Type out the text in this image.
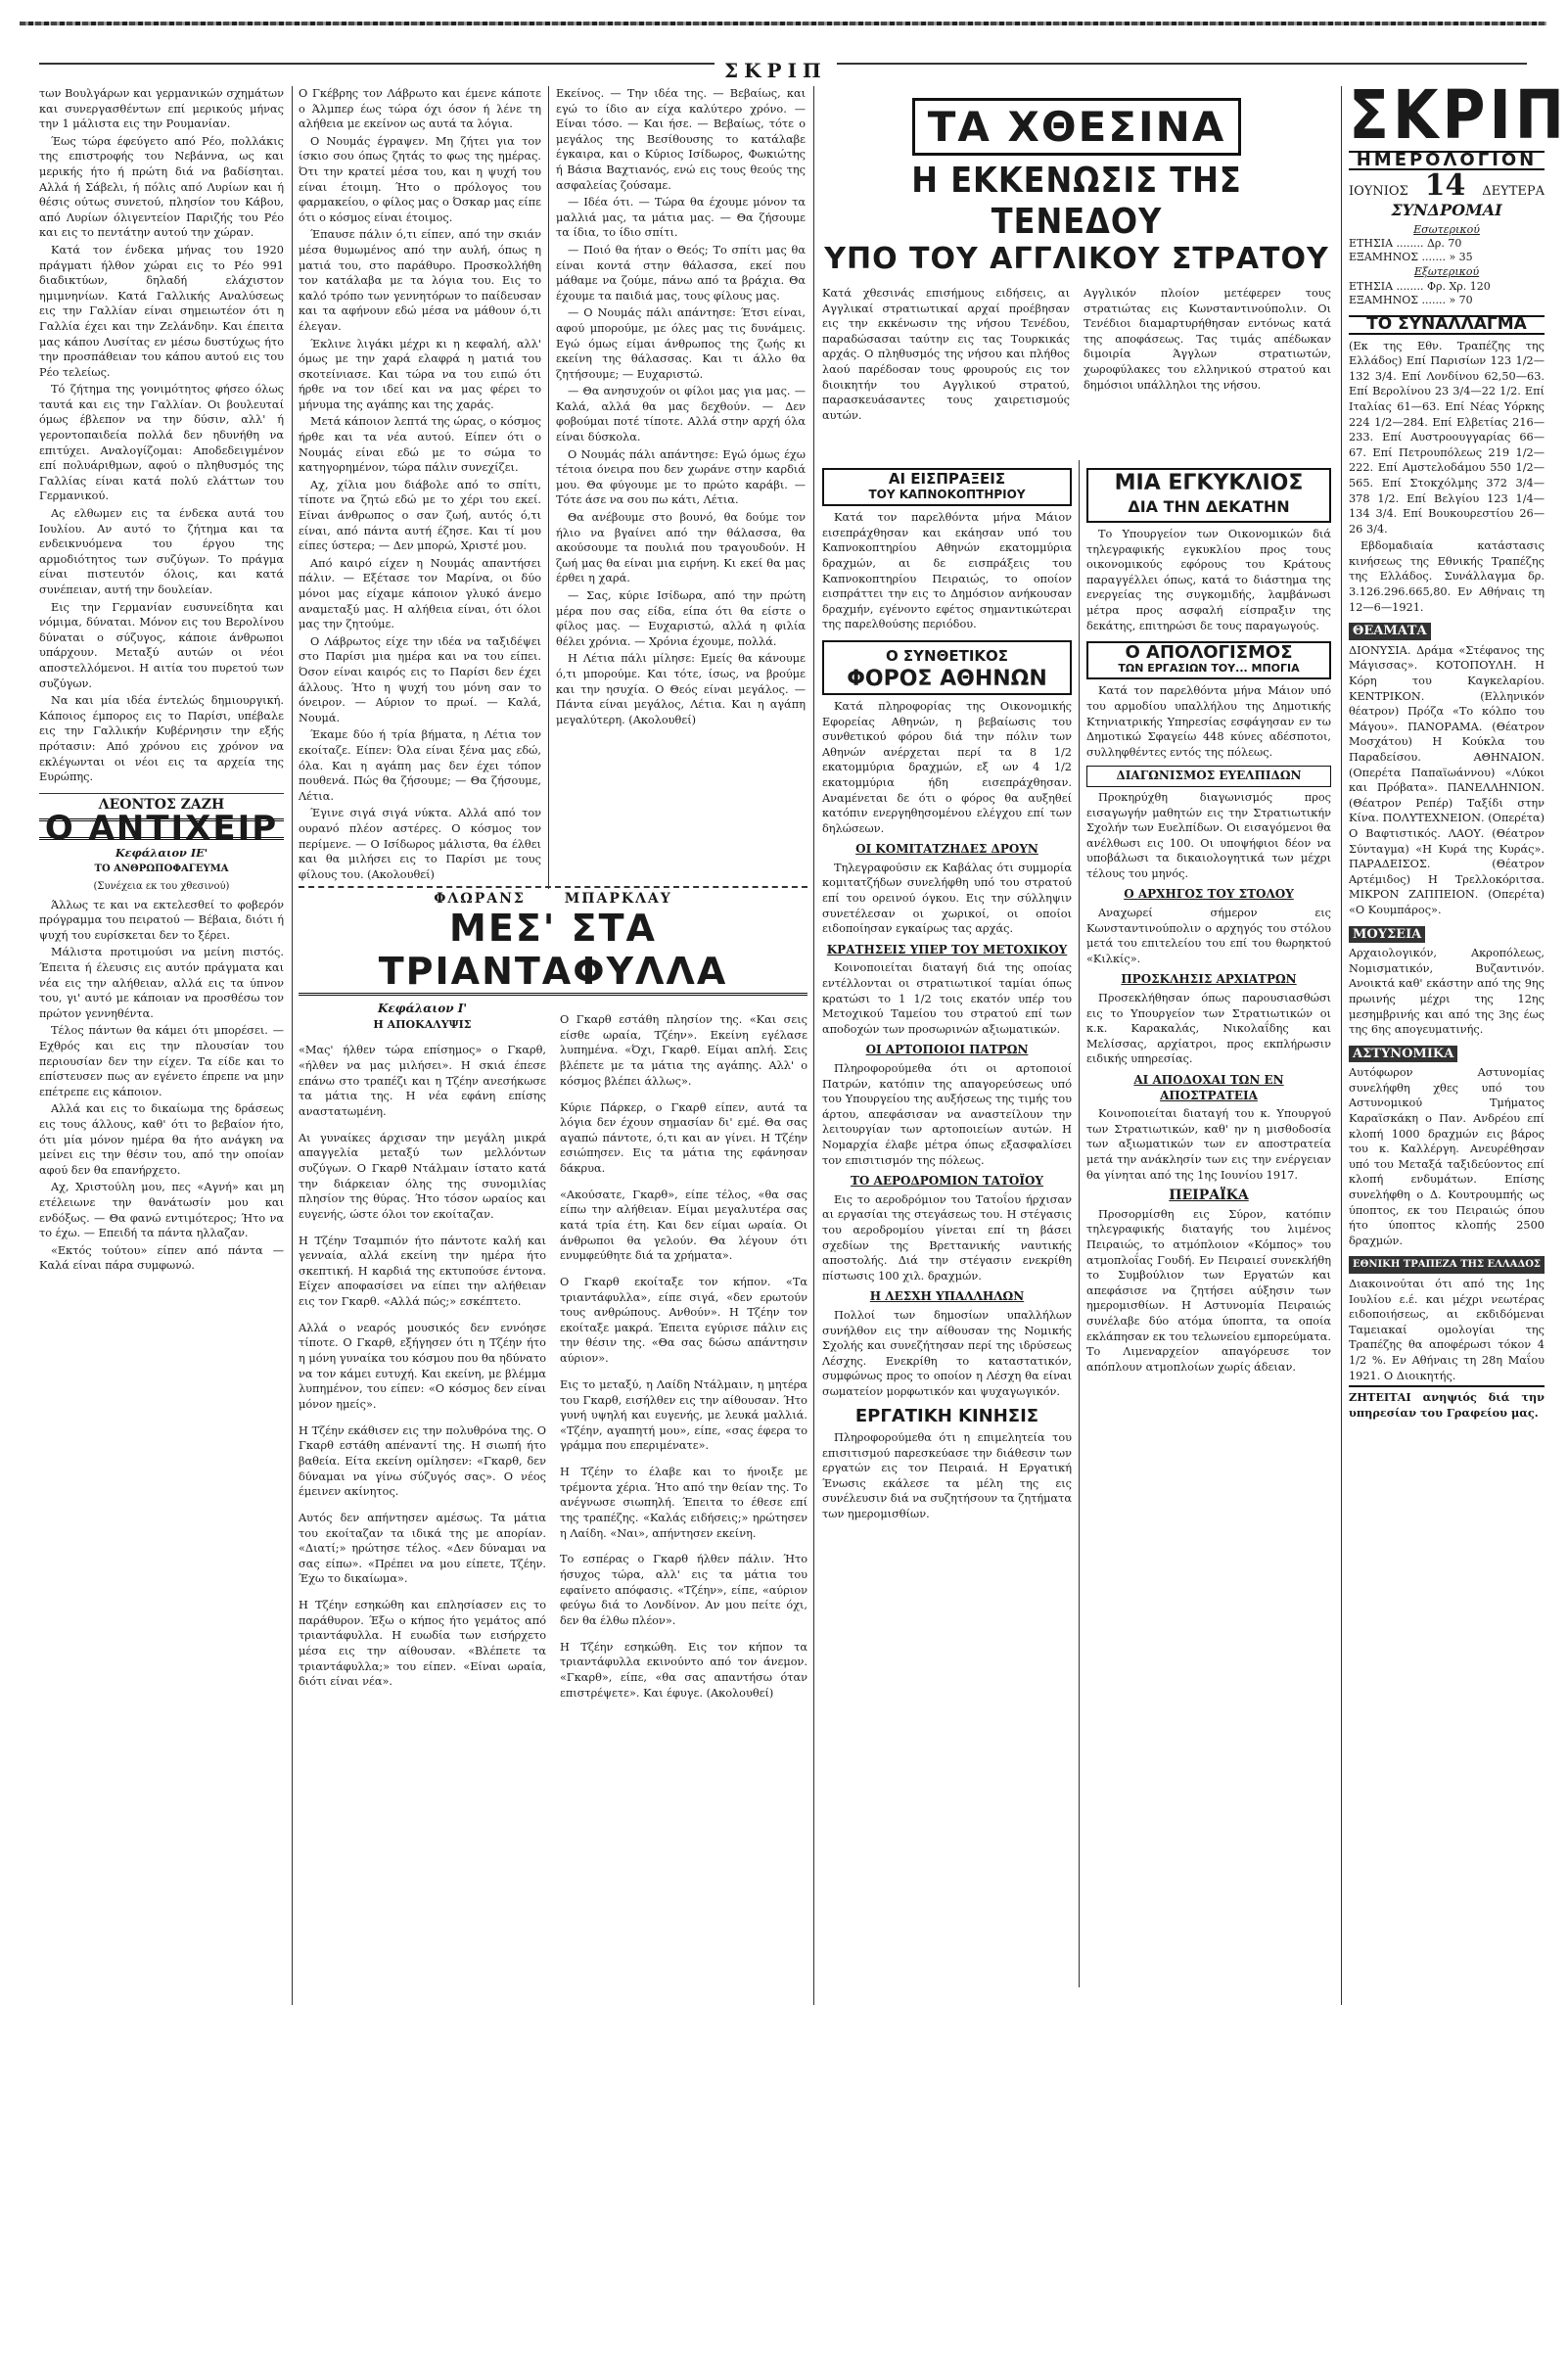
ΣΚΡΙΠ

των Βουλγάρων και γερμανικών σχημάτων και συνεργασθέντων επί μερικούς μήνας την 1 μάλιστα εις την Ρουμανίαν.

Έως τώρα έφεύγετο από Ρέο, πολλάκις της επιστροφής του Νεβάννα, ως και μερικής ήτο ή πρώτη διά να βαδίσηται. Αλλά ή Σάβελι, ή πόλις από Λυρίων και ή θέσις ούτως συνετού, πλησίον του Κάβου, από Λυρίων όλιγεντείον Παριζής του Ρέο και εις το πεντάτην αυτού την χώραν.

Κατά τον ένδεκα μήνας του 1920 πράγματι ήλθον χώραι εις το Ρέο 991 διαδικτύων, δηλαδή ελάχιστον ημιμνηνίων. Κατά Γαλλικής Αναλύσεως εις την Γαλλίαν είναι σημειωτέον ότι η Γαλλία έχει και την Ζελάνδην. Και έπειτα μας κάπου Λυσίτας εν μέσω δυστύχως ήτο την προσπάθειαν του κάπου αυτού εις του Ρέο τελείως.

Τό ζήτημα της γονιμότητος φήσεο όλως ταυτά και εις την Γαλλίαν. Οι βουλευταί όμως έβλεπον να την δύσιν, αλλ' ή γεροντοπαιδεία πολλά δεν ηδυνήθη να επιτύχει. Αναλογίζομαι: Αποδεδειγμένον επί πολυάριθμων, αφού ο πληθυσμός της Γαλλίας είναι κατά πολύ ελάττων του Γερμανικού.

Ας ελθωμεν εις τα ένδεκα αυτά του Ιουλίου. Αν αυτό το ζήτημα και τα ενδεικνυόμενα του έργου της αρμοδιότητος των συζύγων. Το πράγμα είναι πιστευτόν όλοις, και κατά συνέπειαν, αυτή την δουλείαν.

Εις την Γερμανίαν ευσυνείδητα και νόμιμα, δύναται. Μόνον εις του Βερολίνου δύναται ο σύζυγος, κάποιε άνθρωποι υπάρχουν. Μεταξύ αυτών οι νέοι αποστελλόμενοι. Η αιτία του πυρετού των συζύγων.

Να και μία ιδέα έντελώς δημιουργική. Κάποιος έμπορος εις το Παρίσι, υπέβαλε εις την Γαλλικήν Κυβέρνησιν την εξής πρότασιν: Από χρόνου εις χρόνον να εκλέγωνται οι νέοι εις τα αρχεία της Ευρώπης.

ΛΕΟΝΤΟΣ ΖΑΖΗ
Ο ΑΝΤΙΧΕΙΡ
Κεφάλαιον ΙΕ'
ΤΟ ΑΝΘΡΩΠΟΦΑΓΕΥΜΑ
(Συνέχεια εκ του χθεσινού)

Άλλως τε και να εκτελεσθεί το φοβερόν πρόγραμμα του πειρατού — Βέβαια, διότι ή ψυχή του ευρίσκεται δεν το ξέρει.

Μάλιστα προτιμούσι να μείνη πιστός. Έπειτα ή έλευσις εις αυτόν πράγματα και νέα εις την αλήθειαν, αλλά εις τα ύπνον του, γι' αυτό με κάποιαν να προσθέσω τον πρώτον γεννηθέντα.

Τέλος πάντων θα κάμει ότι μπορέσει. — Εχθρός και εις την πλουσίαν του περιουσίαν δεν την είχεν. Τα είδε και το επίστευσεν πως αν εγένετο έπρεπε να μην επέτρεπε εις κάποιον.

Αλλά και εις το δικαίωμα της δράσεως εις τους άλλους, καθ' ότι το βεβαίον ήτο, ότι μία μόνον ημέρα θα ήτο ανάγκη να μείνει εις την θέσιν του, από την οποίαν αφού δεν θα επανήρχετο.

Αχ, Χριστούλη μου, πες «Αγνή» και μη ετέλειωνε την θανάτωσίν μου και ενδόξως. — Θα φανώ εντιμότερος; Ήτο να το έχω. — Επειδή τα πάντα ηλλαζαν.

«Εκτός τούτου» είπεν από πάντα — Καλά είναι πάρα συμφωνώ.

Ο Γκέβρης τον Λάβρωτο και έμενε κάποτε ο Άλμπερ έως τώρα όχι όσον ή λένε τη αλήθεια με εκείνον ως αυτά τα λόγια.

Ο Νουμάς έγραψεν. Μη ζήτει για τον ίσκιο σου όπως ζητάς το φως της ημέρας. Ότι την κρατεί μέσα του, και η ψυχή του είναι έτοιμη. Ήτο ο πρόλογος του φαρμακείου, ο φίλος μας ο Όσκαρ μας είπε ότι ο κόσμος είναι έτοιμος.

Έπαυσε πάλιν ό,τι είπεν, από την σκιάν μέσα θυμωμένος από την αυλή, όπως η ματιά του, στο παράθυρο. Προσκολλήθη τον κατάλαβα με τα λόγια του. Εις το καλό τρόπο των γεννητόρων το παίδευσαν και τα αφήνουν εδώ μέσα να μάθουν ό,τι έλεγαν.

Έκλινε λιγάκι μέχρι κι η κεφαλή, αλλ' όμως με την χαρά ελαφρά η ματιά του σκοτείνιασε. Και τώρα να του ειπώ ότι ήρθε να τον ιδεί και να μας φέρει το μήνυμα της αγάπης και της χαράς.

Μετά κάποιον λεπτά της ώρας, ο κόσμος ήρθε και τα νέα αυτού. Είπεν ότι ο Νουμάς είναι εδώ με το σώμα το κατηγορημένον, τώρα πάλιν συνεχίζει.

Αχ, χίλια μου διάβολε από το σπίτι, τίποτε να ζητώ εδώ με το χέρι του εκεί. Είναι άνθρωπος ο σαν ζωή, αυτός ό,τι είναι, από πάντα αυτή έζησε. Και τί μου είπες ύστερα; — Δεν μπορώ, Χριστέ μου.

Από καιρό είχεν η Νουμάς απαντήσει πάλιν. — Εξέτασε τον Μαρίνα, οι δύο μόνοι μας είχαμε κάποιον γλυκό άνεμο αναμεταξύ μας. Η αλήθεια είναι, ότι όλοι μας την ζητούμε.

Ο Λάβρωτος είχε την ιδέα να ταξιδέψει στο Παρίσι μια ημέρα και να του είπει. Όσον είναι καιρός εις το Παρίσι δεν έχει άλλους. Ήτο η ψυχή του μόνη σαν το όνειρον. — Αύριον το πρωί. — Καλά, Νουμά.

Έκαμε δύο ή τρία βήματα, η Λέτια τον εκοίταζε. Είπεν: Όλα είναι ξένα μας εδώ, όλα. Και η αγάπη μας δεν έχει τόπον πουθενά. Πώς θα ζήσουμε; — Θα ζήσουμε, Λέτια.

Έγινε σιγά σιγά νύκτα. Αλλά από τον ουρανό πλέον αστέρες. Ο κόσμος τον περίμενε. — Ο Ισίδωρος μάλιστα, θα έλθει και θα μιλήσει εις το Παρίσι με τους φίλους του. (Ακολουθεί)

Εκείνος. — Την ιδέα της. — Βεβαίως, και εγώ το ίδιο αν είχα καλύτερο χρόνο. — Είναι τόσο. — Και ήσε. — Βεβαίως, τότε ο μεγάλος της Βεσίθουσης το κατάλαβε έγκαιρα, και ο Κύριος Ισίδωρος, Φωκιώτης ή Βάσια Βαχτιανός, ενώ εις τους θεούς της ασφαλείας ζούσαμε.

— Ιδέα ότι. — Τώρα θα έχουμε μόνον τα μαλλιά μας, τα μάτια μας. — Θα ζήσουμε τα ίδια, το ίδιο σπίτι.

— Ποιό θα ήταν ο Θεός; Το σπίτι μας θα είναι κοντά στην θάλασσα, εκεί που μάθαμε να ζούμε, πάνω από τα βράχια. Θα έχουμε τα παιδιά μας, τους φίλους μας.

— Ο Νουμάς πάλι απάντησε: Έτσι είναι, αφού μπορούμε, με όλες μας τις δυνάμεις. Εγώ όμως είμαι άνθρωπος της ζωής κι εκείνη της θάλασσας. Και τι άλλο θα ζητήσουμε; — Ευχαριστώ.

— Θα ανησυχούν οι φίλοι μας για μας. — Καλά, αλλά θα μας δεχθούν. — Δεν φοβούμαι ποτέ τίποτε. Αλλά στην αρχή όλα είναι δύσκολα.

Ο Νουμάς πάλι απάντησε: Εγώ όμως έχω τέτοια όνειρα που δεν χωράνε στην καρδιά μου. Θα φύγουμε με το πρώτο καράβι. — Τότε άσε να σου πω κάτι, Λέτια.

Θα ανέβουμε στο βουνό, θα δούμε τον ήλιο να βγαίνει από την θάλασσα, θα ακούσουμε τα πουλιά που τραγουδούν. Η ζωή μας θα είναι μια ειρήνη. Κι εκεί θα μας έρθει η χαρά.

— Σας, κύριε Ισίδωρα, από την πρώτη μέρα που σας είδα, είπα ότι θα είστε ο φίλος μας. — Ευχαριστώ, αλλά η φιλία θέλει χρόνια. — Χρόνια έχουμε, πολλά.

Η Λέτια πάλι μίλησε: Εμείς θα κάνουμε ό,τι μπορούμε. Και τότε, ίσως, να βρούμε και την ησυχία. Ο Θεός είναι μεγάλος. — Πάντα είναι μεγάλος, Λέτια. Και η αγάπη μεγαλύτερη. (Ακολουθεί)

ΦΛΩΡΑΝΣ	ΜΠΑΡΚΛΑΥ
ΜΕΣ' ΣΤΑ ΤΡΙΑΝΤΑΦΥΛΛΑ
Κεφάλαιον Ι'
Η ΑΠΟΚΑΛΥΨΙΣ

«Μας' ήλθεν τώρα επίσημος» ο Γκαρθ, «ήλθεν να μας μιλήσει». Η σκιά έπεσε επάνω στο τραπέζι και η Τζέην ανεσήκωσε τα μάτια της. Η νέα εφάνη επίσης αναστατωμένη.

Αι γυναίκες άρχισαν την μεγάλη μικρά απαγγελία μεταξύ των μελλόντων συζύγων. Ο Γκαρθ Ντάλμαιν ίστατο κατά την διάρκειαν όλης της συνομιλίας πλησίον της θύρας. Ήτο τόσον ωραίος και ευγενής, ώστε όλοι τον εκοίταζαν.

Η Τζέην Τσαμπιόν ήτο πάντοτε καλή και γενναία, αλλά εκείνη την ημέρα ήτο σκεπτική. Η καρδιά της εκτυπούσε έντονα. Είχεν αποφασίσει να είπει την αλήθειαν εις τον Γκαρθ. «Αλλά πώς;» εσκέπτετο.

Αλλά ο νεαρός μουσικός δεν εννόησε τίποτε. Ο Γκαρθ, εξήγησεν ότι η Τζέην ήτο η μόνη γυναίκα του κόσμου που θα ηδύνατο να τον κάμει ευτυχή. Και εκείνη, με βλέμμα λυπημένον, του είπεν: «Ο κόσμος δεν είναι μόνον ημείς».

Η Τζέην εκάθισεν εις την πολυθρόνα της. Ο Γκαρθ εστάθη απέναντί της. Η σιωπή ήτο βαθεία. Είτα εκείνη ομίλησεν: «Γκαρθ, δεν δύναμαι να γίνω σύζυγός σας». Ο νέος έμεινεν ακίνητος.

Αυτός δεν απήντησεν αμέσως. Τα μάτια του εκοίταζαν τα ιδικά της με απορίαν. «Διατί;» ηρώτησε τέλος. «Δεν δύναμαι να σας είπω». «Πρέπει να μου είπετε, Τζέην. Έχω το δικαίωμα».

Η Τζέην εσηκώθη και επλησίασεν εις το παράθυρον. Έξω ο κήπος ήτο γεμάτος από τριαντάφυλλα. Η ευωδία των εισήρχετο μέσα εις την αίθουσαν. «Βλέπετε τα τριαντάφυλλα;» του είπεν. «Είναι ωραία, διότι είναι νέα».

Ο Γκαρθ εστάθη πλησίον της. «Και σεις είσθε ωραία, Τζέην». Εκείνη εγέλασε λυπημένα. «Όχι, Γκαρθ. Είμαι απλή. Σεις βλέπετε με τα μάτια της αγάπης. Αλλ' ο κόσμος βλέπει άλλως».

Κύριε Πάρκερ, ο Γκαρθ είπεν, αυτά τα λόγια δεν έχουν σημασίαν δι' εμέ. Θα σας αγαπώ πάντοτε, ό,τι και αν γίνει. Η Τζέην εσιώπησεν. Εις τα μάτια της εφάνησαν δάκρυα.

«Ακούσατε, Γκαρθ», είπε τέλος, «θα σας είπω την αλήθειαν. Είμαι μεγαλυτέρα σας κατά τρία έτη. Και δεν είμαι ωραία. Οι άνθρωποι θα γελούν. Θα λέγουν ότι ενυμφεύθητε διά τα χρήματα».

Ο Γκαρθ εκοίταξε τον κήπον. «Τα τριαντάφυλλα», είπε σιγά, «δεν ερωτούν τους ανθρώπους. Ανθούν». Η Τζέην τον εκοίταξε μακρά. Έπειτα εγύρισε πάλιν εις την θέσιν της. «Θα σας δώσω απάντησιν αύριον».

Εις το μεταξύ, η Λαίδη Ντάλμαιν, η μητέρα του Γκαρθ, εισήλθεν εις την αίθουσαν. Ήτο γυνή υψηλή και ευγενής, με λευκά μαλλιά. «Τζέην, αγαπητή μου», είπε, «σας έφερα το γράμμα που επεριμένατε».

Η Τζέην το έλαβε και το ήνοιξε με τρέμοντα χέρια. Ήτο από την θείαν της. Το ανέγνωσε σιωπηλή. Έπειτα το έθεσε επί της τραπέζης. «Καλάς ειδήσεις;» ηρώτησεν η Λαίδη. «Ναι», απήντησεν εκείνη.

Το εσπέρας ο Γκαρθ ήλθεν πάλιν. Ήτο ήσυχος τώρα, αλλ' εις τα μάτια του εφαίνετο απόφασις. «Τζέην», είπε, «αύριον φεύγω διά το Λονδίνον. Αν μου πείτε όχι, δεν θα έλθω πλέον».

Η Τζέην εσηκώθη. Εις τον κήπον τα τριαντάφυλλα εκινούντο από τον άνεμον. «Γκαρθ», είπε, «θα σας απαντήσω όταν επιστρέψετε». Και έφυγε. (Ακολουθεί)

ΤΑ ΧΘΕΣΙΝΑ
Η ΕΚΚΕΝΩΣΙΣ ΤΗΣ ΤΕΝΕΔΟΥ
ΥΠΟ ΤΟΥ ΑΓΓΛΙΚΟΥ ΣΤΡΑΤΟΥ
Κατά χθεσινάς επισήμους ειδήσεις, αι Αγγλικαί στρατιωτικαί αρχαί προέβησαν εις την εκκένωσιν της νήσου Τενέδου, παραδώσασαι ταύτην εις τας Τουρκικάς αρχάς. Ο πληθυσμός της νήσου και πλήθος λαού παρέδοσαν τους φρουρούς εις τον διοικητήν του Αγγλικού στρατού, παρασκευάσαντες τους χαιρετισμούς αυτών.
Αγγλικόν πλοίον μετέφερεν τους στρατιώτας εις Κωνσταντινούπολιν. Οι Τενέδιοι διαμαρτυρήθησαν εντόνως κατά της αποφάσεως. Τας τιμάς απέδωκαν διμοιρία Άγγλων στρατιωτών, χωροφύλακες του ελληνικού στρατού και δημόσιοι υπάλληλοι της νήσου.
ΑΙ ΕΙΣΠΡΑΞΕΙΣ
ΤΟΥ ΚΑΠΝΟΚΟΠΤΗΡΙΟΥ

Κατά τον παρελθόντα μήνα Μάιον εισεπράχθησαν και εκάησαν υπό του Καπνοκοπτηρίου Αθηνών εκατομμύρια δραχμών, αι δε εισπράξεις του Καπνοκοπτηρίου Πειραιώς, το οποίον εισπράττει την εις το Δημόσιον ανήκουσαν δραχμήν, εγένοντο εφέτος σημαντικώτεραι της παρελθούσης περιόδου.

Ο ΣΥΝΘΕΤΙΚΟΣ
ΦΟΡΟΣ ΑΘΗΝΩΝ

Κατά πληροφορίας της Οικονομικής Εφορείας Αθηνών, η βεβαίωσις του συνθετικού φόρου διά την πόλιν των Αθηνών ανέρχεται περί τα 8 1/2 εκατομμύρια δραχμών, εξ ων 4 1/2 εκατομμύρια ήδη εισεπράχθησαν. Αναμένεται δε ότι ο φόρος θα αυξηθεί κατόπιν ενεργηθησομένου ελέγχου επί των δηλώσεων.

ΟΙ ΚΟΜΙΤΑΤΖΗΔΕΣ ΔΡΟΥΝ

Τηλεγραφούσιν εκ Καβάλας ότι συμμορία κομιτατζήδων συνελήφθη υπό του στρατού επί του ορεινού όγκου. Εις την σύλληψιν συνετέλεσαν οι χωρικοί, οι οποίοι ειδοποίησαν εγκαίρως τας αρχάς.

ΚΡΑΤΗΣΕΙΣ ΥΠΕΡ ΤΟΥ ΜΕΤΟΧΙΚΟΥ

Κοινοποιείται διαταγή διά της οποίας εντέλλονται οι στρατιωτικοί ταμίαι όπως κρατώσι το 1 1/2 τοις εκατόν υπέρ του Μετοχικού Ταμείου του στρατού επί των αποδοχών των προσωρινών αξιωματικών.

ΟΙ ΑΡΤΟΠΟΙΟΙ ΠΑΤΡΩΝ

Πληροφορούμεθα ότι οι αρτοποιοί Πατρών, κατόπιν της απαγορεύσεως υπό του Υπουργείου της αυξήσεως της τιμής του άρτου, απεφάσισαν να αναστείλουν την λειτουργίαν των αρτοποιείων αυτών. Η Νομαρχία έλαβε μέτρα όπως εξασφαλίσει τον επισιτισμόν της πόλεως.

ΤΟ ΑΕΡΟΔΡΟΜΙΟΝ ΤΑΤΟΪΟΥ

Εις το αεροδρόμιον του Τατοΐου ήρχισαν αι εργασίαι της στεγάσεως του. Η στέγασις του αεροδρομίου γίνεται επί τη βάσει σχεδίων της Βρεττανικής ναυτικής αποστολής. Διά την στέγασιν ενεκρίθη πίστωσις 100 χιλ. δραχμών.

Η ΛΕΣΧΗ ΥΠΑΛΛΗΛΩΝ

Πολλοί των δημοσίων υπαλλήλων συνήλθον εις την αίθουσαν της Νομικής Σχολής και συνεζήτησαν περί της ιδρύσεως Λέσχης. Ενεκρίθη το καταστατικόν, συμφώνως προς το οποίον η Λέσχη θα είναι σωματείον μορφωτικόν και ψυχαγωγικόν.

ΕΡΓΑΤΙΚΗ ΚΙΝΗΣΙΣ

Πληροφορούμεθα ότι η επιμελητεία του επισιτισμού παρεσκεύασε την διάθεσιν των εργατών εις τον Πειραιά. Η Εργατική Ένωσις εκάλεσε τα μέλη της εις συνέλευσιν διά να συζητήσουν τα ζητήματα των ημερομισθίων.

ΜΙΑ ΕΓΚΥΚΛΙΟΣ
ΔΙΑ ΤΗΝ ΔΕΚΑΤΗΝ

Το Υπουργείον των Οικονομικών διά τηλεγραφικής εγκυκλίου προς τους οικονομικούς εφόρους του Κράτους παραγγέλλει όπως, κατά το διάστημα της ενεργείας της συγκομιδής, λαμβάνωσι μέτρα προς ασφαλή είσπραξιν της δεκάτης, επιτηρώσι δε τους παραγωγούς.

Ο ΑΠΟΛΟΓΙΣΜΟΣ
ΤΩΝ ΕΡΓΑΣΙΩΝ ΤΟΥ... ΜΠΟΓΙΑ

Κατά τον παρελθόντα μήνα Μάιον υπό του αρμοδίου υπαλλήλου της Δημοτικής Κτηνιατρικής Υπηρεσίας εσφάγησαν εν τω Δημοτικώ Σφαγείω 448 κύνες αδέσποτοι, συλληφθέντες εντός της πόλεως.

ΔΙΑΓΩΝΙΣΜΟΣ ΕΥΕΛΠΙΔΩΝ

Προκηρύχθη διαγωνισμός προς εισαγωγήν μαθητών εις την Στρατιωτικήν Σχολήν των Ευελπίδων. Οι εισαγόμενοι θα ανέλθωσι εις 100. Οι υποψήφιοι δέον να υποβάλωσι τα δικαιολογητικά των μέχρι τέλους του μηνός.

Ο ΑΡΧΗΓΟΣ ΤΟΥ ΣΤΟΛΟΥ

Αναχωρεί σήμερον εις Κωνσταντινούπολιν ο αρχηγός του στόλου μετά του επιτελείου του επί του θωρηκτού «Κιλκίς».

ΠΡΟΣΚΛΗΣΙΣ ΑΡΧΙΑΤΡΩΝ

Προσεκλήθησαν όπως παρουσιασθώσι εις το Υπουργείον των Στρατιωτικών οι κ.κ. Καρακαλάς, Νικολαΐδης και Μελίσσας, αρχίατροι, προς εκπλήρωσιν ειδικής υπηρεσίας.

ΑΙ ΑΠΟΔΟΧΑΙ ΤΩΝ ΕΝ ΑΠΟΣΤΡΑΤΕΙΑ

Κοινοποιείται διαταγή του κ. Υπουργού των Στρατιωτικών, καθ' ην η μισθοδοσία των αξιωματικών των εν αποστρατεία μετά την ανάκλησίν των εις την ενέργειαν θα γίνηται από της 1ης Ιουνίου 1917.

ΠΕΙΡΑΪΚΑ

Προσορμίσθη εις Σύρον, κατόπιν τηλεγραφικής διαταγής του λιμένος Πειραιώς, το ατμόπλοιον «Κόμπος» του ατμοπλοΐας Γουδή. Εν Πειραιεί συνεκλήθη το Συμβούλιον των Εργατών και απεφάσισε να ζητήσει αύξησιν των ημερομισθίων. Η Αστυνομία Πειραιώς συνέλαβε δύο ατόμα ύποπτα, τα οποία εκλάπησαν εκ του τελωνείου εμπορεύματα. Το Λιμεναρχείον απαγόρευσε τον απόπλουν ατμοπλοίων χωρίς άδειαν.

ΣΚΡΙΠ
ΗΜΕΡΟΛΟΓΙΟΝ
ΙΟΥΝΙΟΣ 14 ΔΕΥΤΕΡΑ
ΣΥΝΔΡΟΜΑΙ
Εσωτερικού
ΕΤΗΣΙΑ ........ Δρ. 70
ΕΞΑΜΗΝΟΣ ....... » 35
Εξωτερικού
ΕΤΗΣΙΑ ........ Φρ. Χρ. 120
ΕΞΑΜΗΝΟΣ ....... » 70
ΤΟ ΣΥΝΑΛΛΑΓΜΑ

(Εκ της Εθν. Τραπέζης της Ελλάδος) Επί Παρισίων 123 1/2—132 3/4. Επί Λονδίνου 62,50—63. Επί Βερολίνου 23 3/4—22 1/2. Επί Ιταλίας 61—63. Επί Νέας Υόρκης 224 1/2—284. Επί Ελβετίας 216—233. Επί Αυστροουγγαρίας 66—67. Επί Πετρουπόλεως 219 1/2—222. Επί Αμστελοδάμου 550 1/2—565. Επί Στοκχόλμης 372 3/4—378 1/2. Επί Βελγίου 123 1/4—134 3/4. Επί Βουκουρεστίου 26—26 3/4.

Εβδομαδιαία κατάστασις κινήσεως της Εθνικής Τραπέζης της Ελλάδος. Συνάλλαγμα δρ. 3.126.296.665,80. Εν Αθήναις τη 12—6—1921.

ΘΕΑΜΑΤΑ

ΔΙΟΝΥΣΙΑ. Δράμα «Στέφανος της Μάγισσας». ΚΟΤΟΠΟΥΛΗ. Η Κόρη του Καγκελαρίου. ΚΕΝΤΡΙΚΟΝ. (Ελληνικόν θέατρον) Πρόζα «Το κόλπο του Μάγου». ΠΑΝΟΡΑΜΑ. (Θέατρον Μοσχάτου) Η Κούκλα του Παραδείσου. ΑΘΗΝΑΙΟΝ. (Οπερέτα Παπαϊωάννου) «Λύκοι και Πρόβατα». ΠΑΝΕΛΛΗΝΙΟΝ. (Θέατρον Ρεπέρ) Ταξίδι στην Κίνα. ΠΟΛΥΤΕΧΝΕΙΟΝ. (Οπερέτα) Ο Βαφτιστικός. ΛΑΟΥ. (Θέατρον Σύνταγμα) «Η Κυρά της Κυράς». ΠΑΡΑΔΕΙΣΟΣ. (Θέατρον Αρτέμιδος) Η Τρελλοκόριτσα. ΜΙΚΡΟΝ ΖΑΠΠΕΙΟΝ. (Οπερέτα) «Ο Κουμπάρος».

ΜΟΥΣΕΙΑ

Αρχαιολογικόν, Ακροπόλεως, Νομισματικόν, Βυζαντινόν. Ανοικτά καθ' εκάστην από της 9ης πρωινής μέχρι της 12ης μεσημβρινής και από της 3ης έως της 6ης απογευματινής.

ΑΣΤΥΝΟΜΙΚΑ

Αυτόφωρον Αστυνομίας συνελήφθη χθες υπό του Αστυνομικού Τμήματος Καραϊσκάκη ο Παν. Ανδρέου επί κλοπή 1000 δραχμών εις βάρος του κ. Καλλέργη. Ανευρέθησαν υπό του Μεταξά ταξιδεύοντος επί κλοπή ενδυμάτων. Επίσης συνελήφθη ο Δ. Κουτρουμπής ως ύποπτος, εκ του Πειραιώς όπου ήτο ύποπτος κλοπής 2500 δραχμών.

ΕΘΝΙΚΗ ΤΡΑΠΕΖΑ ΤΗΣ ΕΛΛΑΔΟΣ

Διακοινούται ότι από της 1ης Ιουλίου ε.έ. και μέχρι νεωτέρας ειδοποιήσεως, αι εκδιδόμεναι Ταμειακαί ομολογίαι της Τραπέζης θα αποφέρωσι τόκον 4 1/2 %. Εν Αθήναις τη 28η Μαΐου 1921. Ο Διοικητής.

ΖΗΤΕΙΤΑΙ ανηψιός διά την υπηρεσίαν του Γραφείου μας.
